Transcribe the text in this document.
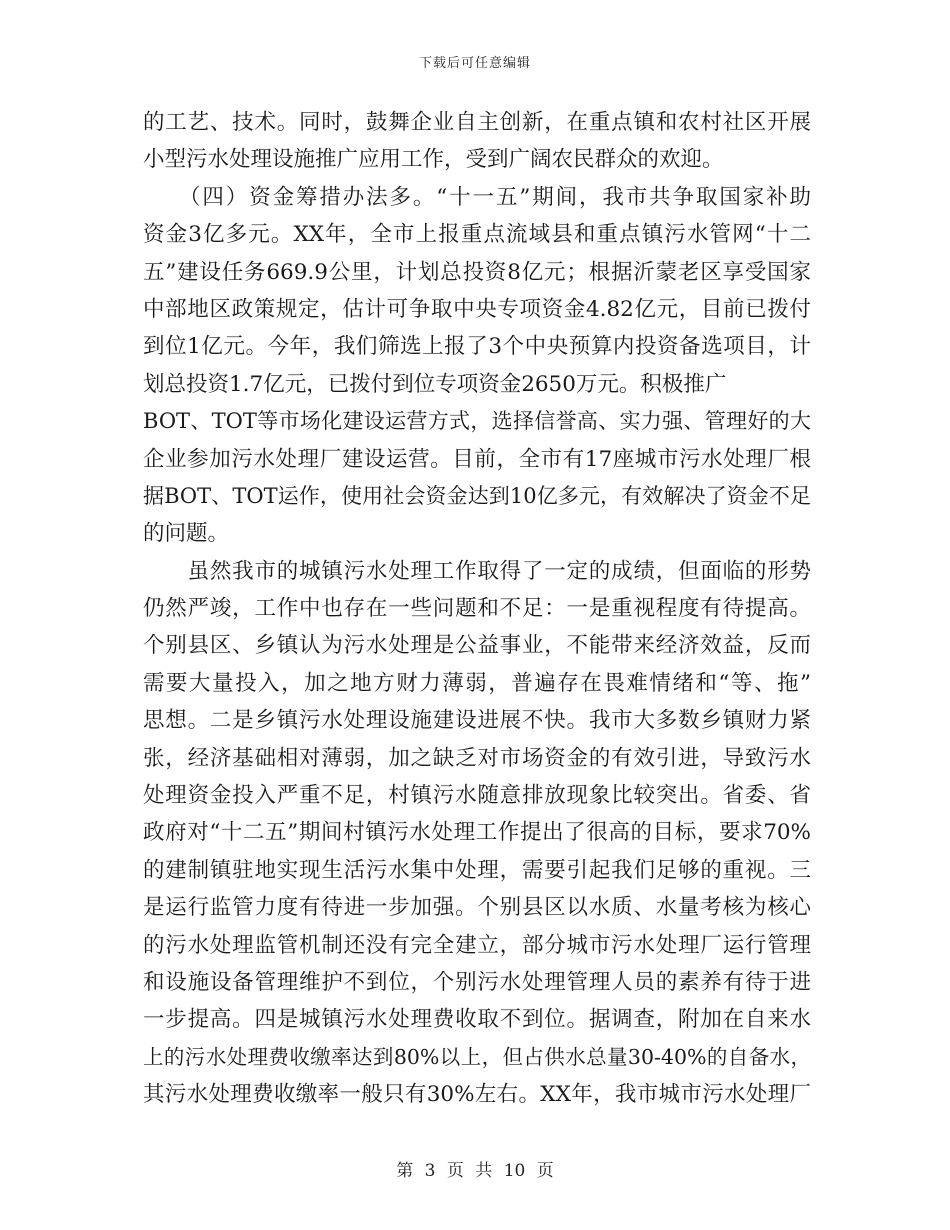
下载后可任意编辑
的工艺、技术。同时，鼓舞企业自主创新，在重点镇和农村社区开展
小型污水处理设施推广应用工作，受到广阔农民群众的欢迎。
　　（四）资金筹措办法多。“十一五”期间，我市共争取国家补助
资金3亿多元。XX年，全市上报重点流域县和重点镇污水管网“十二
五”建设任务669.9公里，计划总投资8亿元；根据沂蒙老区享受国家
中部地区政策规定，估计可争取中央专项资金4.82亿元，目前已拨付
到位1亿元。今年，我们筛选上报了3个中央预算内投资备选项目，计
划总投资1.7亿元，已拨付到位专项资金2650万元。积极推广
BOT、TOT等市场化建设运营方式，选择信誉高、实力强、管理好的大
企业参加污水处理厂建设运营。目前，全市有17座城市污水处理厂根
据BOT、TOT运作，使用社会资金达到10亿多元，有效解决了资金不足
的问题。
　　虽然我市的城镇污水处理工作取得了一定的成绩，但面临的形势
仍然严竣，工作中也存在一些问题和不足：一是重视程度有待提高。
个别县区、乡镇认为污水处理是公益事业，不能带来经济效益，反而
需要大量投入，加之地方财力薄弱，普遍存在畏难情绪和“等、拖”
思想。二是乡镇污水处理设施建设进展不快。我市大多数乡镇财力紧
张，经济基础相对薄弱，加之缺乏对市场资金的有效引进，导致污水
处理资金投入严重不足，村镇污水随意排放现象比较突出。省委、省
政府对“十二五”期间村镇污水处理工作提出了很高的目标，要求70%
的建制镇驻地实现生活污水集中处理，需要引起我们足够的重视。三
是运行监管力度有待进一步加强。个别县区以水质、水量考核为核心
的污水处理监管机制还没有完全建立，部分城市污水处理厂运行管理
和设施设备管理维护不到位，个别污水处理管理人员的素养有待于进
一步提高。四是城镇污水处理费收取不到位。据调查，附加在自来水
上的污水处理费收缴率达到80%以上，但占供水总量30-40%的自备水，
其污水处理费收缴率一般只有30%左右。XX年，我市城市污水处理厂
第 3 页 共 10 页
